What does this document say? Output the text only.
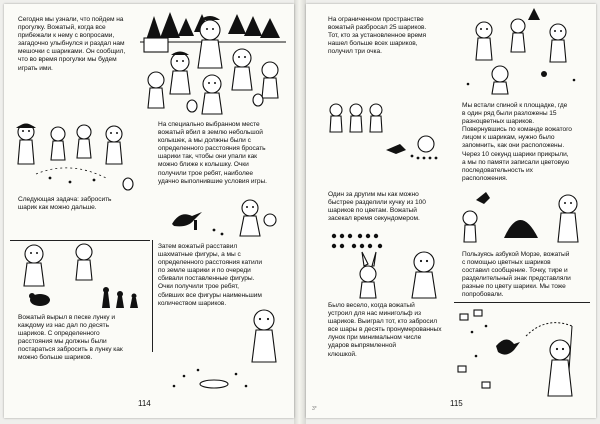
Сегодня мы узнали, что пойдем на
прогулку. Вожатый, когда все
прибежали к нему с вопросами,
загадочно улыбнулся и раздал нам
мешочки с шариками. Он сообщил,
что во время прогулки мы будем
играть ими.
На специально выбранном месте
вожатый вбил в землю небольшой
колышек, а мы должны были с
определенного расстояния бросать
шарики так, чтобы они упали как
можно ближе к колышку. Очки
получили трое ребят, наиболее
удачно выполнившие условия игры.
Следующая задача: забросить
шарик как можно дальше.
Затем вожатый расставил
шахматные фигуры, а мы с
определенного расстояния катили
по земле шарики и по очереди
сбивали поставленные фигуры.
Очки получили трое ребят,
сбивших все фигуры наименьшим
количеством шариков.
Вожатый вырыл в песке лунку и
каждому из нас дал по десять
шариков. С определенного
расстояния мы должны были
постараться забросить в лунку как
можно больше шариков.
114
На ограниченном пространстве
вожатый разбросал 25 шариков.
Тот, кто за установленное время
нашел больше всех шариков,
получил три очка.
Мы встали спиной к площадке, где
в один ряд были разложены 15
разноцветных шариков.
Повернувшись по команде вожатого
лицом к шарикам, нужно было
запомнить, как они расположены.
Через 10 секунд шарики прикрыли,
а мы по памяти записали цветовую
последовательность их
расположения.
Один за другим мы как можно
быстрее разделили кучку из 100
шариков по цветам. Вожатый
засекал время секундомером.
Пользуясь азбукой Морзе, вожатый
с помощью цветных шариков
составил сообщение. Точку, тире и
разделительный знак представляли
разные по цвету шарики. Мы тоже
попробовали.
Было весело, когда вожатый
устроил для нас минигольф из
шариков. Выиграл тот, кто забросил
все шары в десять пронумерованных
лунок при минимальном числе
ударов выпрямленной
клюшкой.
3*
115
